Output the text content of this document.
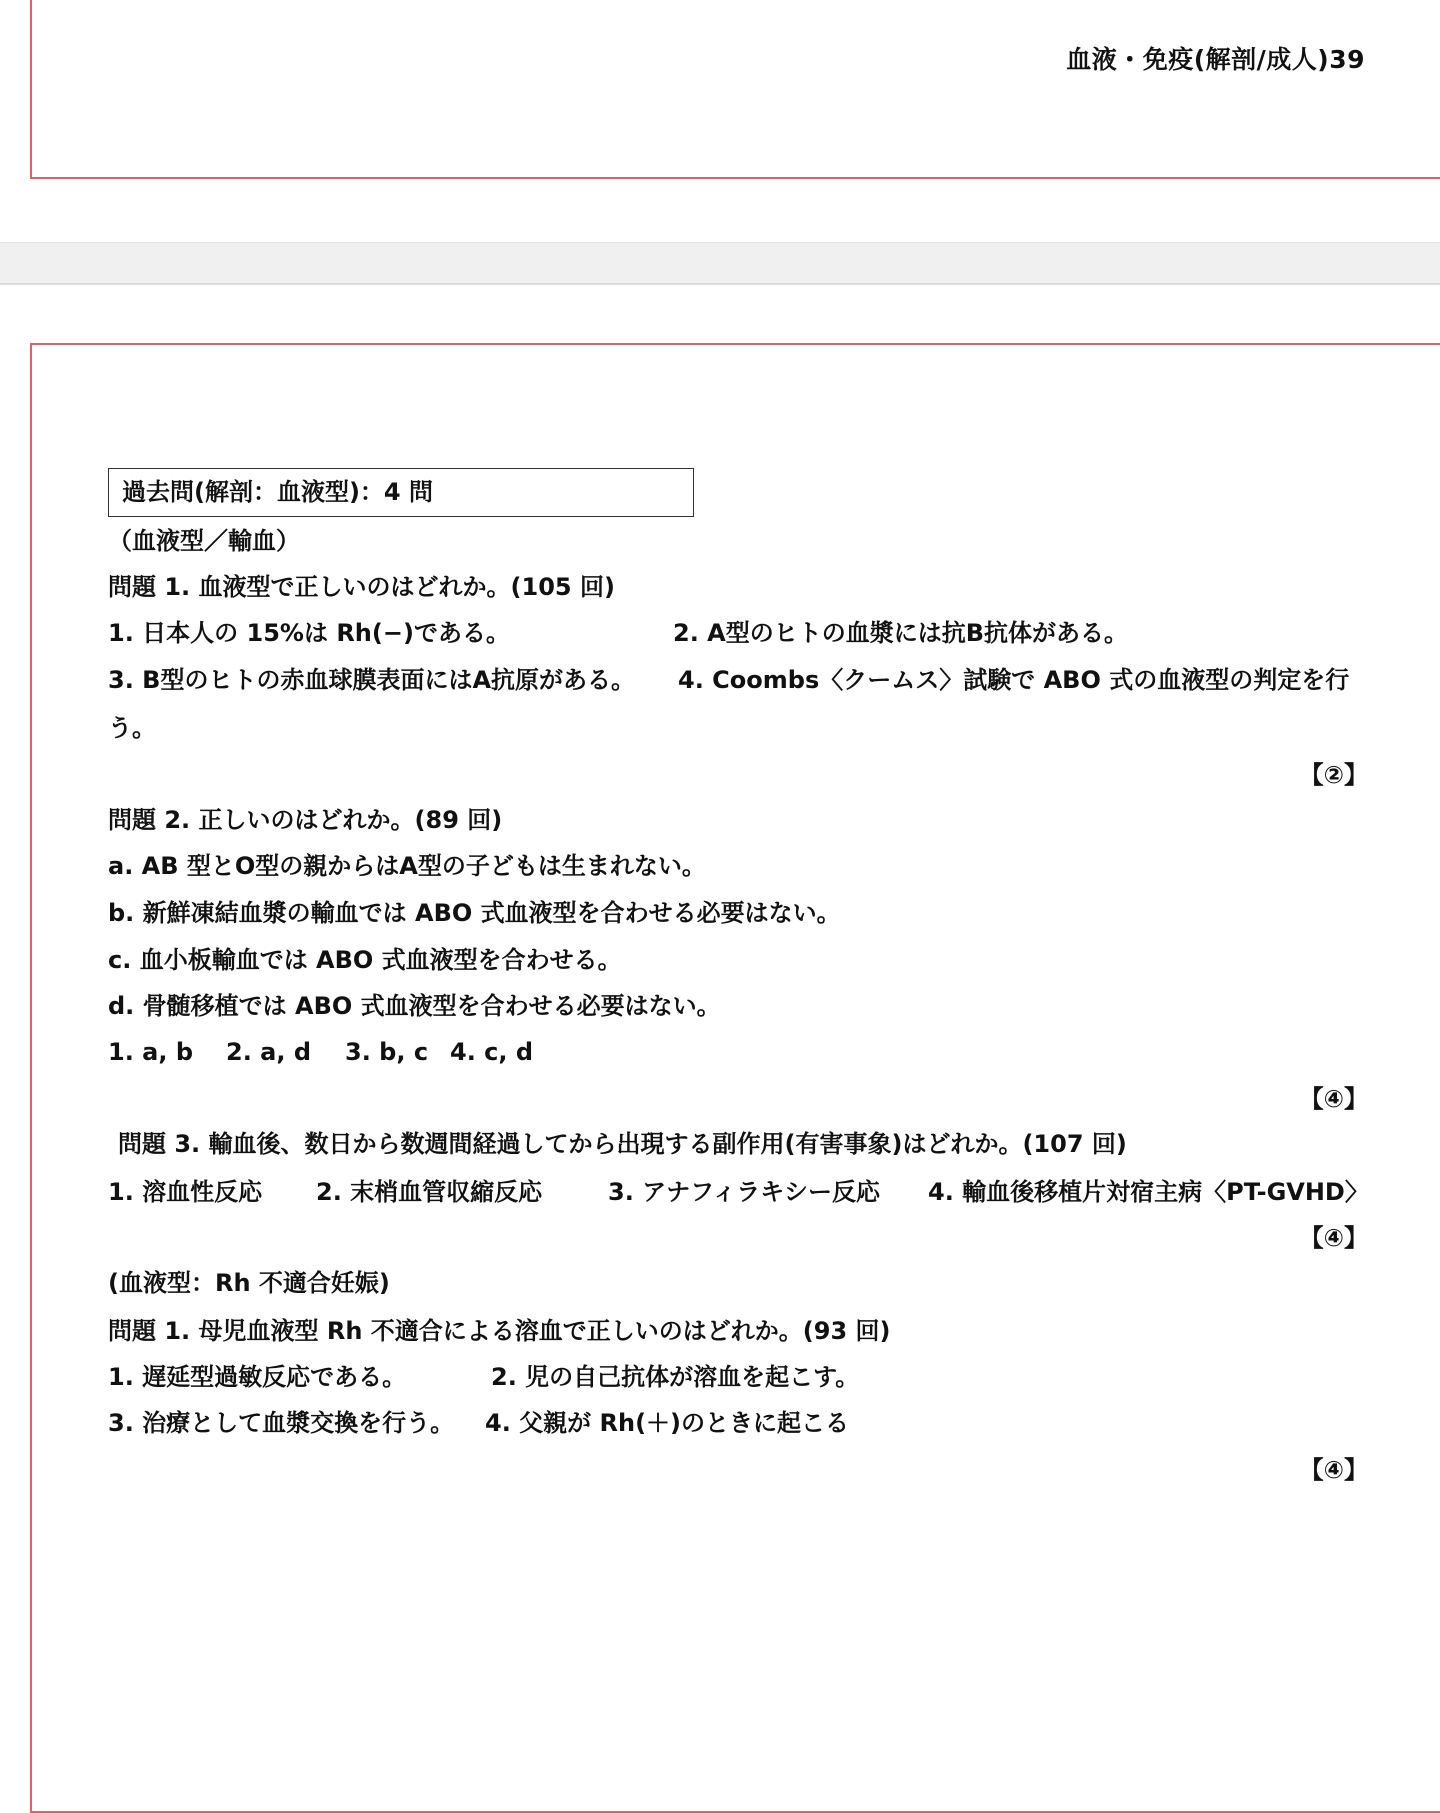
血液・免疫(解剖/成人)39
過去問(解剖：血液型)：4 問
（血液型／輸血）
問題 1. 血液型で正しいのはどれか。(105 回)
1. 日本人の 15%は Rh(−)である。	2. A型のヒトの血漿には抗B抗体がある。
3. B型のヒトの赤血球膜表面にはA抗原がある。 4. Coombs〈クームス〉試験で ABO 式の血液型の判定を行
う。
【②】
問題 2. 正しいのはどれか。(89 回)
a. AB 型とO型の親からはA型の子どもは生まれない。
b. 新鮮凍結血漿の輸血では ABO 式血液型を合わせる必要はない。
c. 血小板輸血では ABO 式血液型を合わせる。
d. 骨髄移植では ABO 式血液型を合わせる必要はない。
1. a, b 2. a, d 3. b, c 4. c, d
【④】
問題 3. 輸血後、数日から数週間経過してから出現する副作用(有害事象)はどれか。(107 回)
1. 溶血性反応 2. 末梢血管収縮反応	3. アナフィラキシー反応 4. 輸血後移植片対宿主病〈PT-GVHD〉
【④】
(血液型：Rh 不適合妊娠)
問題 1. 母児血液型 Rh 不適合による溶血で正しいのはどれか。(93 回)
1. 遅延型過敏反応である。	2. 児の自己抗体が溶血を起こす。
3. 治療として血漿交換を行う。 4. 父親が Rh(＋)のときに起こる
【④】
